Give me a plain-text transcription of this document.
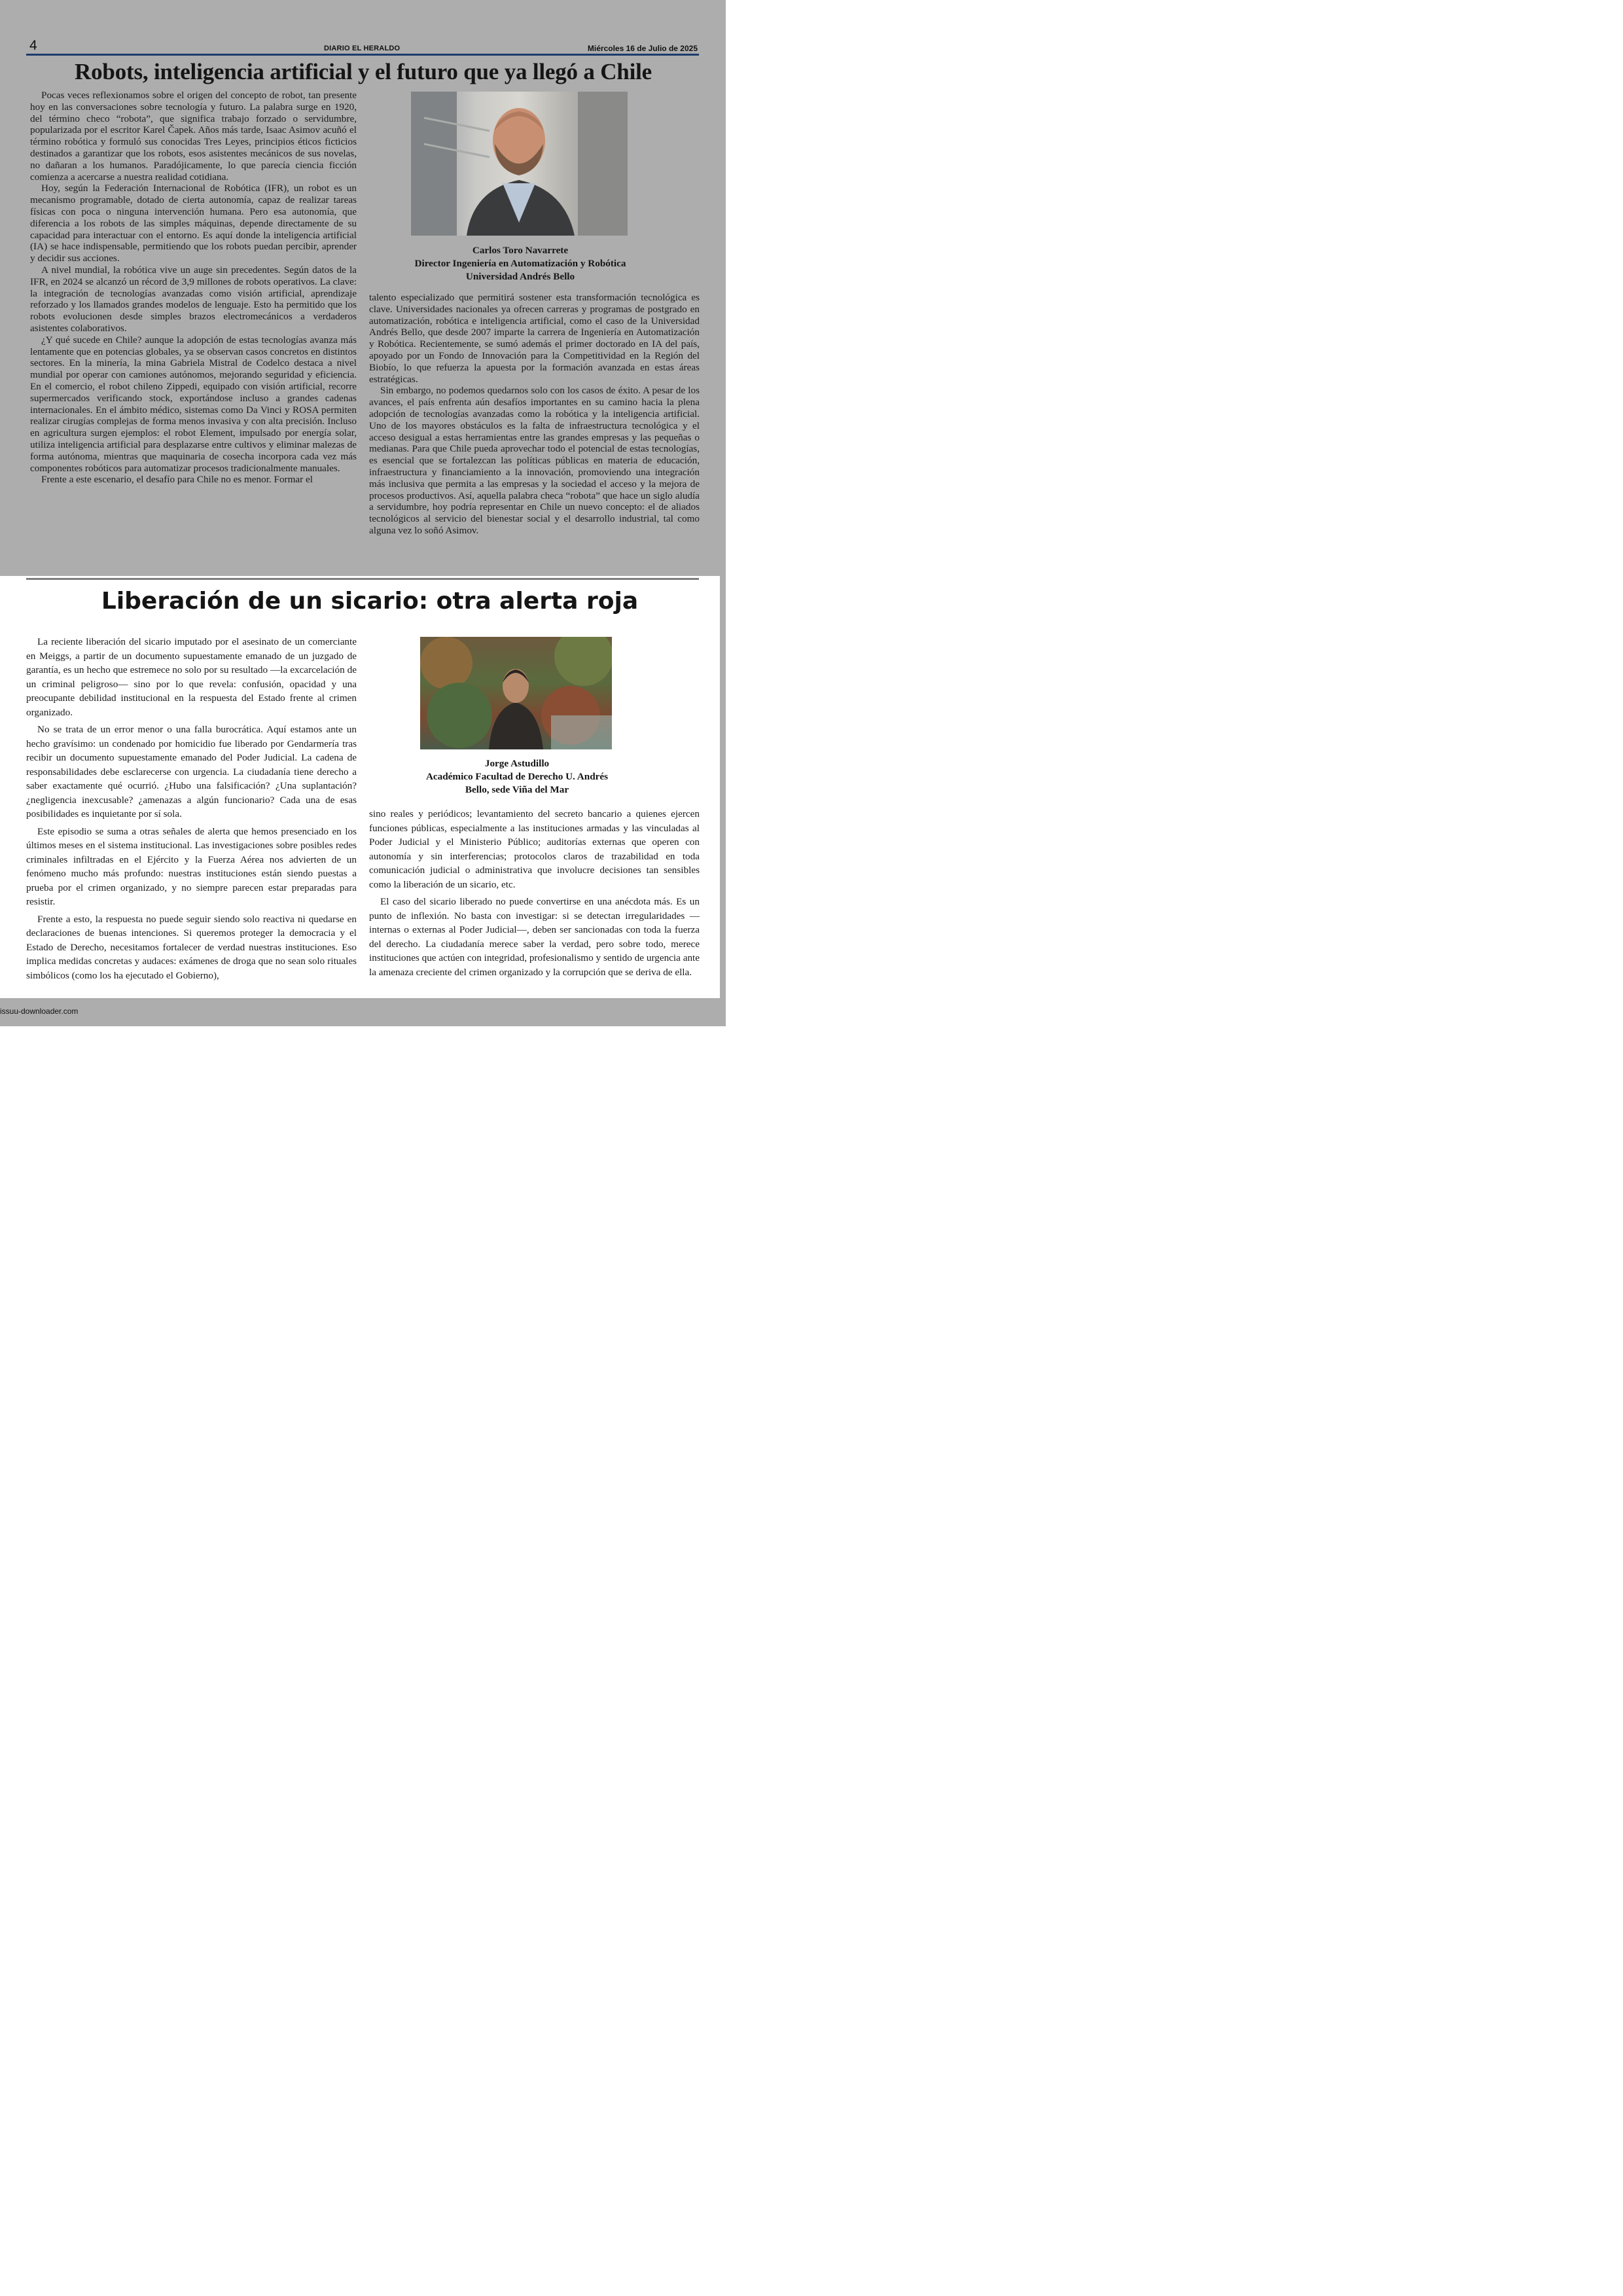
4	DIARIO EL HERALDO	Miércoles 16 de Julio de 2025
Robots, inteligencia artificial y el futuro que ya llegó a Chile

Pocas veces reflexionamos sobre el origen del concepto de robot, tan presente hoy en las conversaciones sobre tecnología y futuro. La palabra surge en 1920, del término checo “robota”, que significa trabajo forzado o servidumbre, popularizada por el escritor Karel Čapek. Años más tarde, Isaac Asimov acuñó el término robótica y formuló sus conocidas Tres Leyes, principios éticos ficticios destinados a garantizar que los robots, esos asistentes mecánicos de sus novelas, no dañaran a los humanos. Paradójicamente, lo que parecía ciencia ficción comienza a acercarse a nuestra realidad cotidiana.

Hoy, según la Federación Internacional de Robótica (IFR), un robot es un mecanismo programable, dotado de cierta autonomía, capaz de realizar tareas físicas con poca o ninguna intervención humana. Pero esa autonomía, que diferencia a los robots de las simples máquinas, depende directamente de su capacidad para interactuar con el entorno. Es aquí donde la inteligencia artificial (IA) se hace indispensable, permitiendo que los robots puedan percibir, aprender y decidir sus acciones.

A nivel mundial, la robótica vive un auge sin precedentes. Según datos de la IFR, en 2024 se alcanzó un récord de 3,9 millones de robots operativos. La clave: la integración de tecnologías avanzadas como visión artificial, aprendizaje reforzado y los llamados grandes modelos de lenguaje. Esto ha permitido que los robots evolucionen desde simples brazos electromecánicos a verdaderos asistentes colaborativos.

¿Y qué sucede en Chile? aunque la adopción de estas tecnologías avanza más lentamente que en potencias globales, ya se observan casos concretos en distintos sectores. En la minería, la mina Gabriela Mistral de Codelco destaca a nivel mundial por operar con camiones autónomos, mejorando seguridad y eficiencia. En el comercio, el robot chileno Zippedi, equipado con visión artificial, recorre supermercados verificando stock, exportándose incluso a grandes cadenas internacionales. En el ámbito médico, sistemas como Da Vinci y ROSA permiten realizar cirugías complejas de forma menos invasiva y con alta precisión. Incluso en agricultura surgen ejemplos: el robot Element, impulsado por energía solar, utiliza inteligencia artificial para desplazarse entre cultivos y eliminar malezas de forma autónoma, mientras que maquinaria de cosecha incorpora cada vez más componentes robóticos para automatizar procesos tradicionalmente manuales.

Frente a este escenario, el desafío para Chile no es menor. Formar el

Carlos Toro Navarrete
Director Ingeniería en Automatización y Robótica
Universidad Andrés Bello

talento especializado que permitirá sostener esta transformación tecnológica es clave. Universidades nacionales ya ofrecen carreras y programas de postgrado en automatización, robótica e inteligencia artificial, como el caso de la Universidad Andrés Bello, que desde 2007 imparte la carrera de Ingeniería en Automatización y Robótica. Recientemente, se sumó además el primer doctorado en IA del país, apoyado por un Fondo de Innovación para la Competitividad en la Región del Biobío, lo que refuerza la apuesta por la formación avanzada en estas áreas estratégicas.

Sin embargo, no podemos quedarnos solo con los casos de éxito. A pesar de los avances, el país enfrenta aún desafíos importantes en su camino hacia la plena adopción de tecnologías avanzadas como la robótica y la inteligencia artificial. Uno de los mayores obstáculos es la falta de infraestructura tecnológica y el acceso desigual a estas herramientas entre las grandes empresas y las pequeñas o medianas. Para que Chile pueda aprovechar todo el potencial de estas tecnologías, es esencial que se fortalezcan las políticas públicas en materia de educación, infraestructura y financiamiento a la innovación, promoviendo una integración más inclusiva que permita a las empresas y la sociedad el acceso y la mejora de procesos productivos. Así, aquella palabra checa “robota” que hace un siglo aludía a servidumbre, hoy podría representar en Chile un nuevo concepto: el de aliados tecnológicos al servicio del bienestar social y el desarrollo industrial, tal como alguna vez lo soñó Asimov.

Liberación de un sicario: otra alerta roja

La reciente liberación del sicario imputado por el asesinato de un comerciante en Meiggs, a partir de un documento supuestamente emanado de un juzgado de garantía, es un hecho que estremece no solo por su resultado —la excarcelación de un criminal peligroso— sino por lo que revela: confusión, opacidad y una preocupante debilidad institucional en la respuesta del Estado frente al crimen organizado.

No se trata de un error menor o una falla burocrática. Aquí estamos ante un hecho gravísimo: un condenado por homicidio fue liberado por Gendarmería tras recibir un documento supuestamente emanado del Poder Judicial. La cadena de responsabilidades debe esclarecerse con urgencia. La ciudadanía tiene derecho a saber exactamente qué ocurrió. ¿Hubo una falsificación? ¿Una suplantación? ¿negligencia inexcusable? ¿amenazas a algún funcionario? Cada una de esas posibilidades es inquietante por sí sola.

Este episodio se suma a otras señales de alerta que hemos presenciado en los últimos meses en el sistema institucional. Las investigaciones sobre posibles redes criminales infiltradas en el Ejército y la Fuerza Aérea nos advierten de un fenómeno mucho más profundo: nuestras instituciones están siendo puestas a prueba por el crimen organizado, y no siempre parecen estar preparadas para resistir.

Frente a esto, la respuesta no puede seguir siendo solo reactiva ni quedarse en declaraciones de buenas intenciones. Si queremos proteger la democracia y el Estado de Derecho, necesitamos fortalecer de verdad nuestras instituciones. Eso implica medidas concretas y audaces: exámenes de droga que no sean solo rituales simbólicos (como los ha ejecutado el Gobierno),

Jorge Astudillo
Académico Facultad de Derecho U. Andrés
Bello, sede Viña del Mar

sino reales y periódicos; levantamiento del secreto bancario a quienes ejercen funciones públicas, especialmente a las instituciones armadas y las vinculadas al Poder Judicial y el Ministerio Público; auditorías externas que operen con autonomía y sin interferencias; protocolos claros de trazabilidad en toda comunicación judicial o administrativa que involucre decisiones tan sensibles como la liberación de un sicario, etc.

El caso del sicario liberado no puede convertirse en una anécdota más. Es un punto de inflexión. No basta con investigar: si se detectan irregularidades —internas o externas al Poder Judicial—, deben ser sancionadas con toda la fuerza del derecho. La ciudadanía merece saber la verdad, pero sobre todo, merece instituciones que actúen con integridad, profesionalismo y sentido de urgencia ante la amenaza creciente del crimen organizado y la corrupción que se deriva de ella.

issuu-downloader.com
